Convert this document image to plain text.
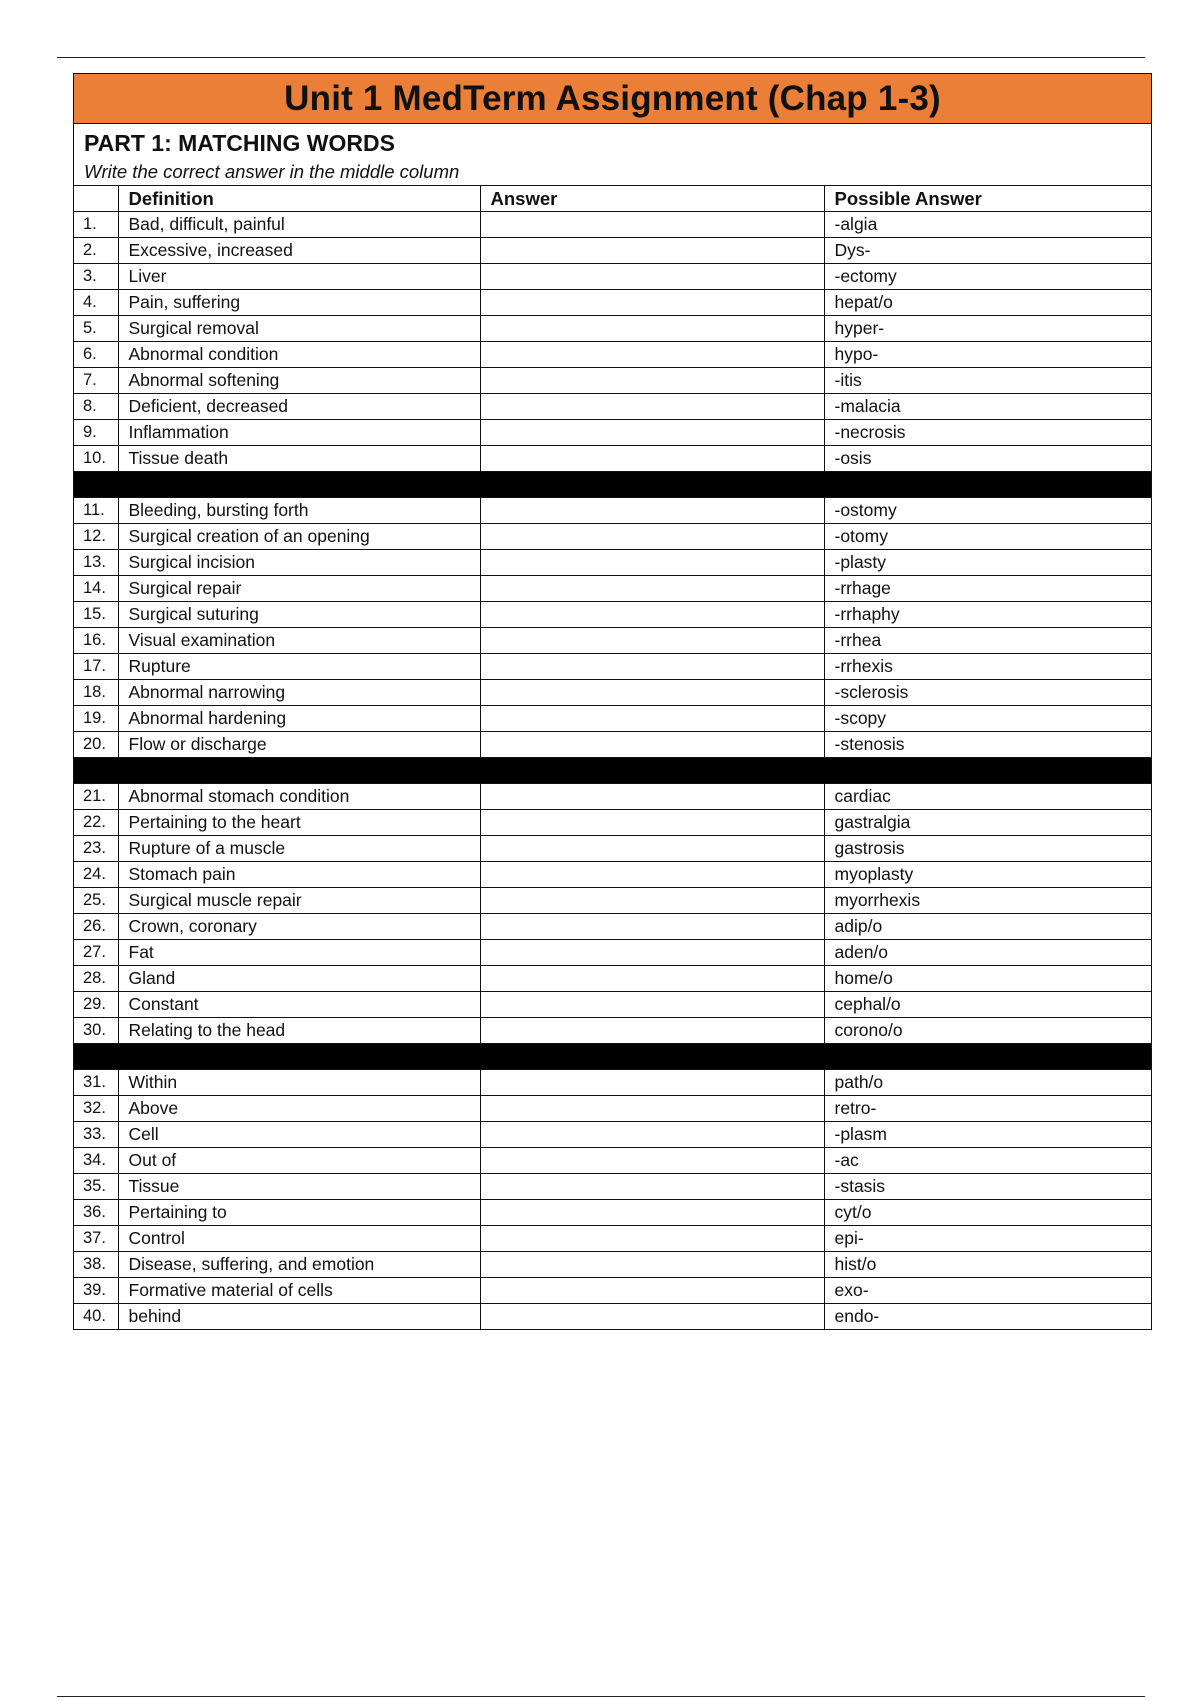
Unit 1 MedTerm Assignment (Chap 1-3)
PART 1: MATCHING WORDS
Write the correct answer in the middle column
	Definition	Answer	Possible Answer
1.	Bad, difficult, painful		-algia
2.	Excessive, increased		Dys-
3.	Liver		-ectomy
4.	Pain, suffering		hepat/o
5.	Surgical removal		hyper-
6.	Abnormal condition		hypo-
7.	Abnormal softening		-itis
8.	Deficient, decreased		-malacia
9.	Inflammation		-necrosis
10.	Tissue death		-osis

11.	Bleeding, bursting forth		-ostomy
12.	Surgical creation of an opening		-otomy
13.	Surgical incision		-plasty
14.	Surgical repair		-rrhage
15.	Surgical suturing		-rrhaphy
16.	Visual examination		-rrhea
17.	Rupture		-rrhexis
18.	Abnormal narrowing		-sclerosis
19.	Abnormal hardening		-scopy
20.	Flow or discharge		-stenosis

21.	Abnormal stomach condition		cardiac
22.	Pertaining to the heart		gastralgia
23.	Rupture of a muscle		gastrosis
24.	Stomach pain		myoplasty
25.	Surgical muscle repair		myorrhexis
26.	Crown, coronary		adip/o
27.	Fat		aden/o
28.	Gland		home/o
29.	Constant		cephal/o
30.	Relating to the head		corono/o

31.	Within		path/o
32.	Above		retro-
33.	Cell		-plasm
34.	Out of		-ac
35.	Tissue		-stasis
36.	Pertaining to		cyt/o
37.	Control		epi-
38.	Disease, suffering, and emotion		hist/o
39.	Formative material of cells		exo-
40.	behind		endo-
